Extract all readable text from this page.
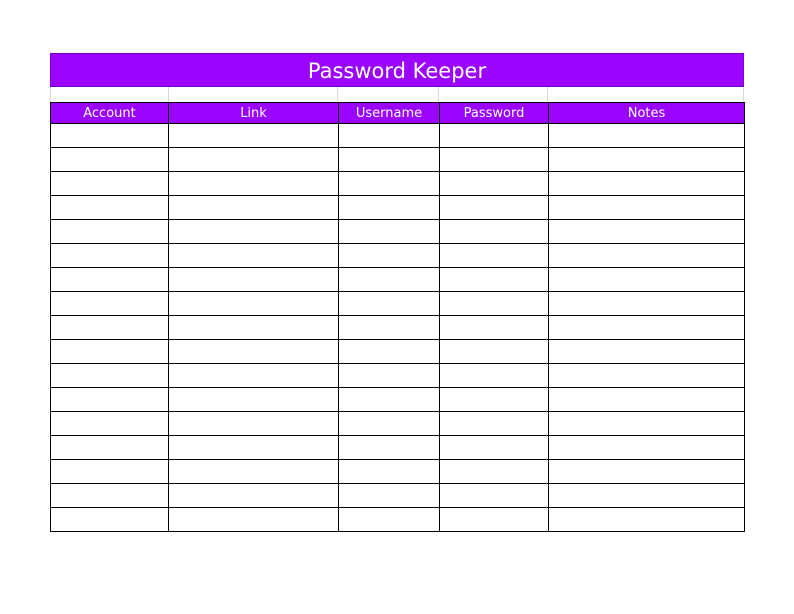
Password Keeper
Account	Link	Username	Password	Notes
